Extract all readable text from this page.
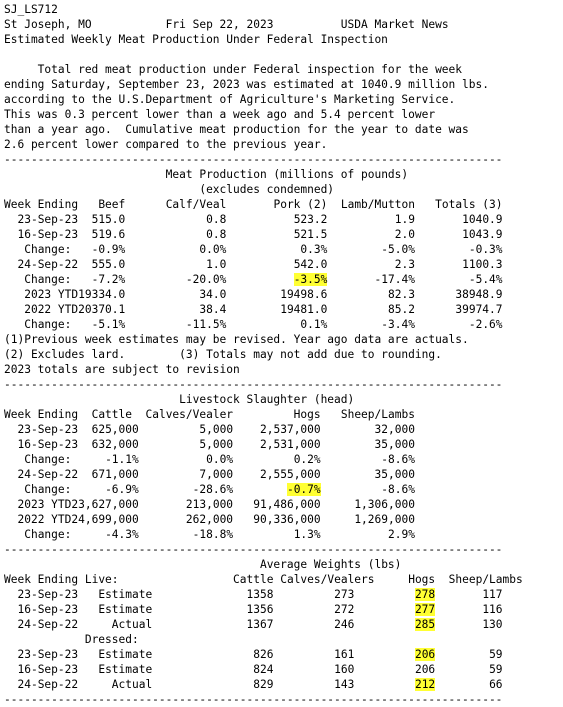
SJ_LS712
St Joseph, MO	Fri Sep 22, 2023	USDA Market News
Estimated Weekly Meat Production Under Federal Inspection
Total red meat production under Federal inspection for the week
ending Saturday, September 23, 2023 was estimated at 1040.9 million lbs.
according to the U.S.Department of Agriculture's Marketing Service.
This was 0.3 percent lower than a week ago and 5.4 percent lower
than a year ago.  Cumulative meat production for the year to date was
2.6 percent lower compared to the previous year.
--------------------------------------------------------------------------
Meat Production (millions of pounds)
(excludes condemned)
Week Ending Beef	Calf/Veal	Pork (2) Lamb/Mutton Totals (3)
23-Sep-23 515.0	0.8	523.2	1.9	1040.9
16-Sep-23 519.6	0.8	521.5	2.0	1043.9
Change: -0.9%	0.0%	0.3%	-5.0%	-0.3%
24-Sep-22 555.0	1.0	542.0	2.3	1100.3
Change: -7.2%	-20.0%	-3.5%	-17.4%	-5.4%
2023 YTD19334.0	34.0	19498.6	82.3	38948.9
2022 YTD20370.1	38.4	19481.0	85.2	39974.7
Change: -5.1%	-11.5%	0.1%	-3.4%	-2.6%
(1)Previous week estimates may be revised. Year ago data are actuals.
(2) Excludes lard.        (3) Totals may not add due to rounding.
2023 totals are subject to revision
--------------------------------------------------------------------------
Livestock Slaughter (head)
Week Ending Cattle Calves/Vealer	Hogs Sheep/Lambs
23-Sep-23 625,000	5,000 2,537,000	32,000
16-Sep-23 632,000	5,000 2,531,000	35,000
Change:	-1.1%	0.0%	0.2%	-8.6%
24-Sep-22 671,000	7,000 2,555,000	35,000
Change:	-6.9%	-28.6%	-0.7%	-8.6%
2023 YTD23,627,000	213,000 91,486,000	1,306,000
2022 YTD24,699,000	262,000 90,336,000	1,269,000
Change:	-4.3%	-18.8%	1.3%	2.9%
--------------------------------------------------------------------------
Average Weights (lbs)
Week Ending Live:	Cattle Calves/Vealers	Hogs Sheep/Lambs
23-Sep-23 Estimate	1358	273	278	117
16-Sep-23 Estimate	1356	272	277	116
24-Sep-22	Actual	1367	246	285	130
Dressed:
23-Sep-23 Estimate	826	161	206	59
16-Sep-23 Estimate	824	160	206	59
24-Sep-22	Actual	829	143	212	66
--------------------------------------------------------------------------
